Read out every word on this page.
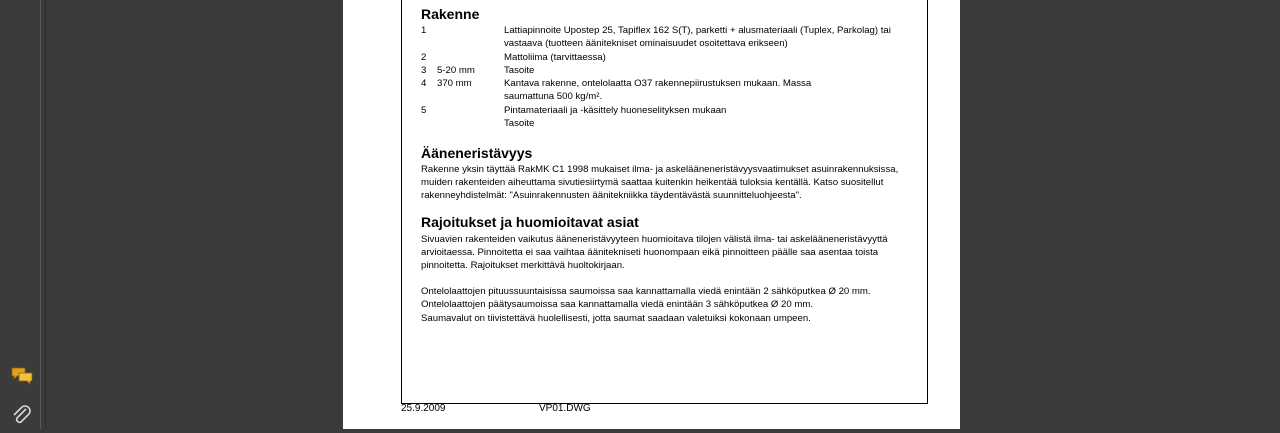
Rakenne
1	Lattiapinnoite Upostep 25, Tapiflex 162 S(T), parketti + alusmateriaali (Tuplex, Parkolag) tai
vastaava (tuotteen äänitekniset ominaisuudet osoitettava erikseen)
2	Mattoliima (tarvittaessa)
3 5-20 mm	Tasoite
4 370 mm	Kantava rakenne, ontelolaatta O37 rakennepiirustuksen mukaan. Massa
saumattuna 500 kg/m².
5	Pintamateriaali ja -käsittely huoneselityksen mukaan
Tasoite
Ääneneristävyys
Rakenne yksin täyttää RakMK C1 1998 mukaiset ilma- ja askelääneneristävyysvaatimukset asuinrakennuksissa,
muiden rakenteiden aiheuttama sivutiesiirtymä saattaa kuitenkin heikentää tuloksia kentällä. Katso suositellut
rakenneyhdistelmät: "Asuinrakennusten äänitekniikka täydentävästä suunnitteluohjeesta".
Rajoitukset ja huomioitavat asiat
Sivuavien rakenteiden vaikutus ääneneristävyyteen huomioitava tilojen välistä ilma- tai askelääneneristävyyttä
arvioitaessa. Pinnoitetta ei saa vaihtaa äänitekniseti huonompaan eikä pinnoitteen päälle saa asentaa toista
pinnoitetta. Rajoitukset merkittävä huoltokirjaan.
Ontelolaattojen pituussuuntaisissa saumoissa saa kannattamalla viedä enintään 2 sähköputkea Ø 20 mm.
Ontelolaattojen päätysaumoissa saa kannattamalla viedä enintään 3 sähköputkea Ø 20 mm.
Saumavalut on tiivistettävä huolellisesti, jotta saumat saadaan valetuiksi kokonaan umpeen.
25.9.2009	VP01.DWG
